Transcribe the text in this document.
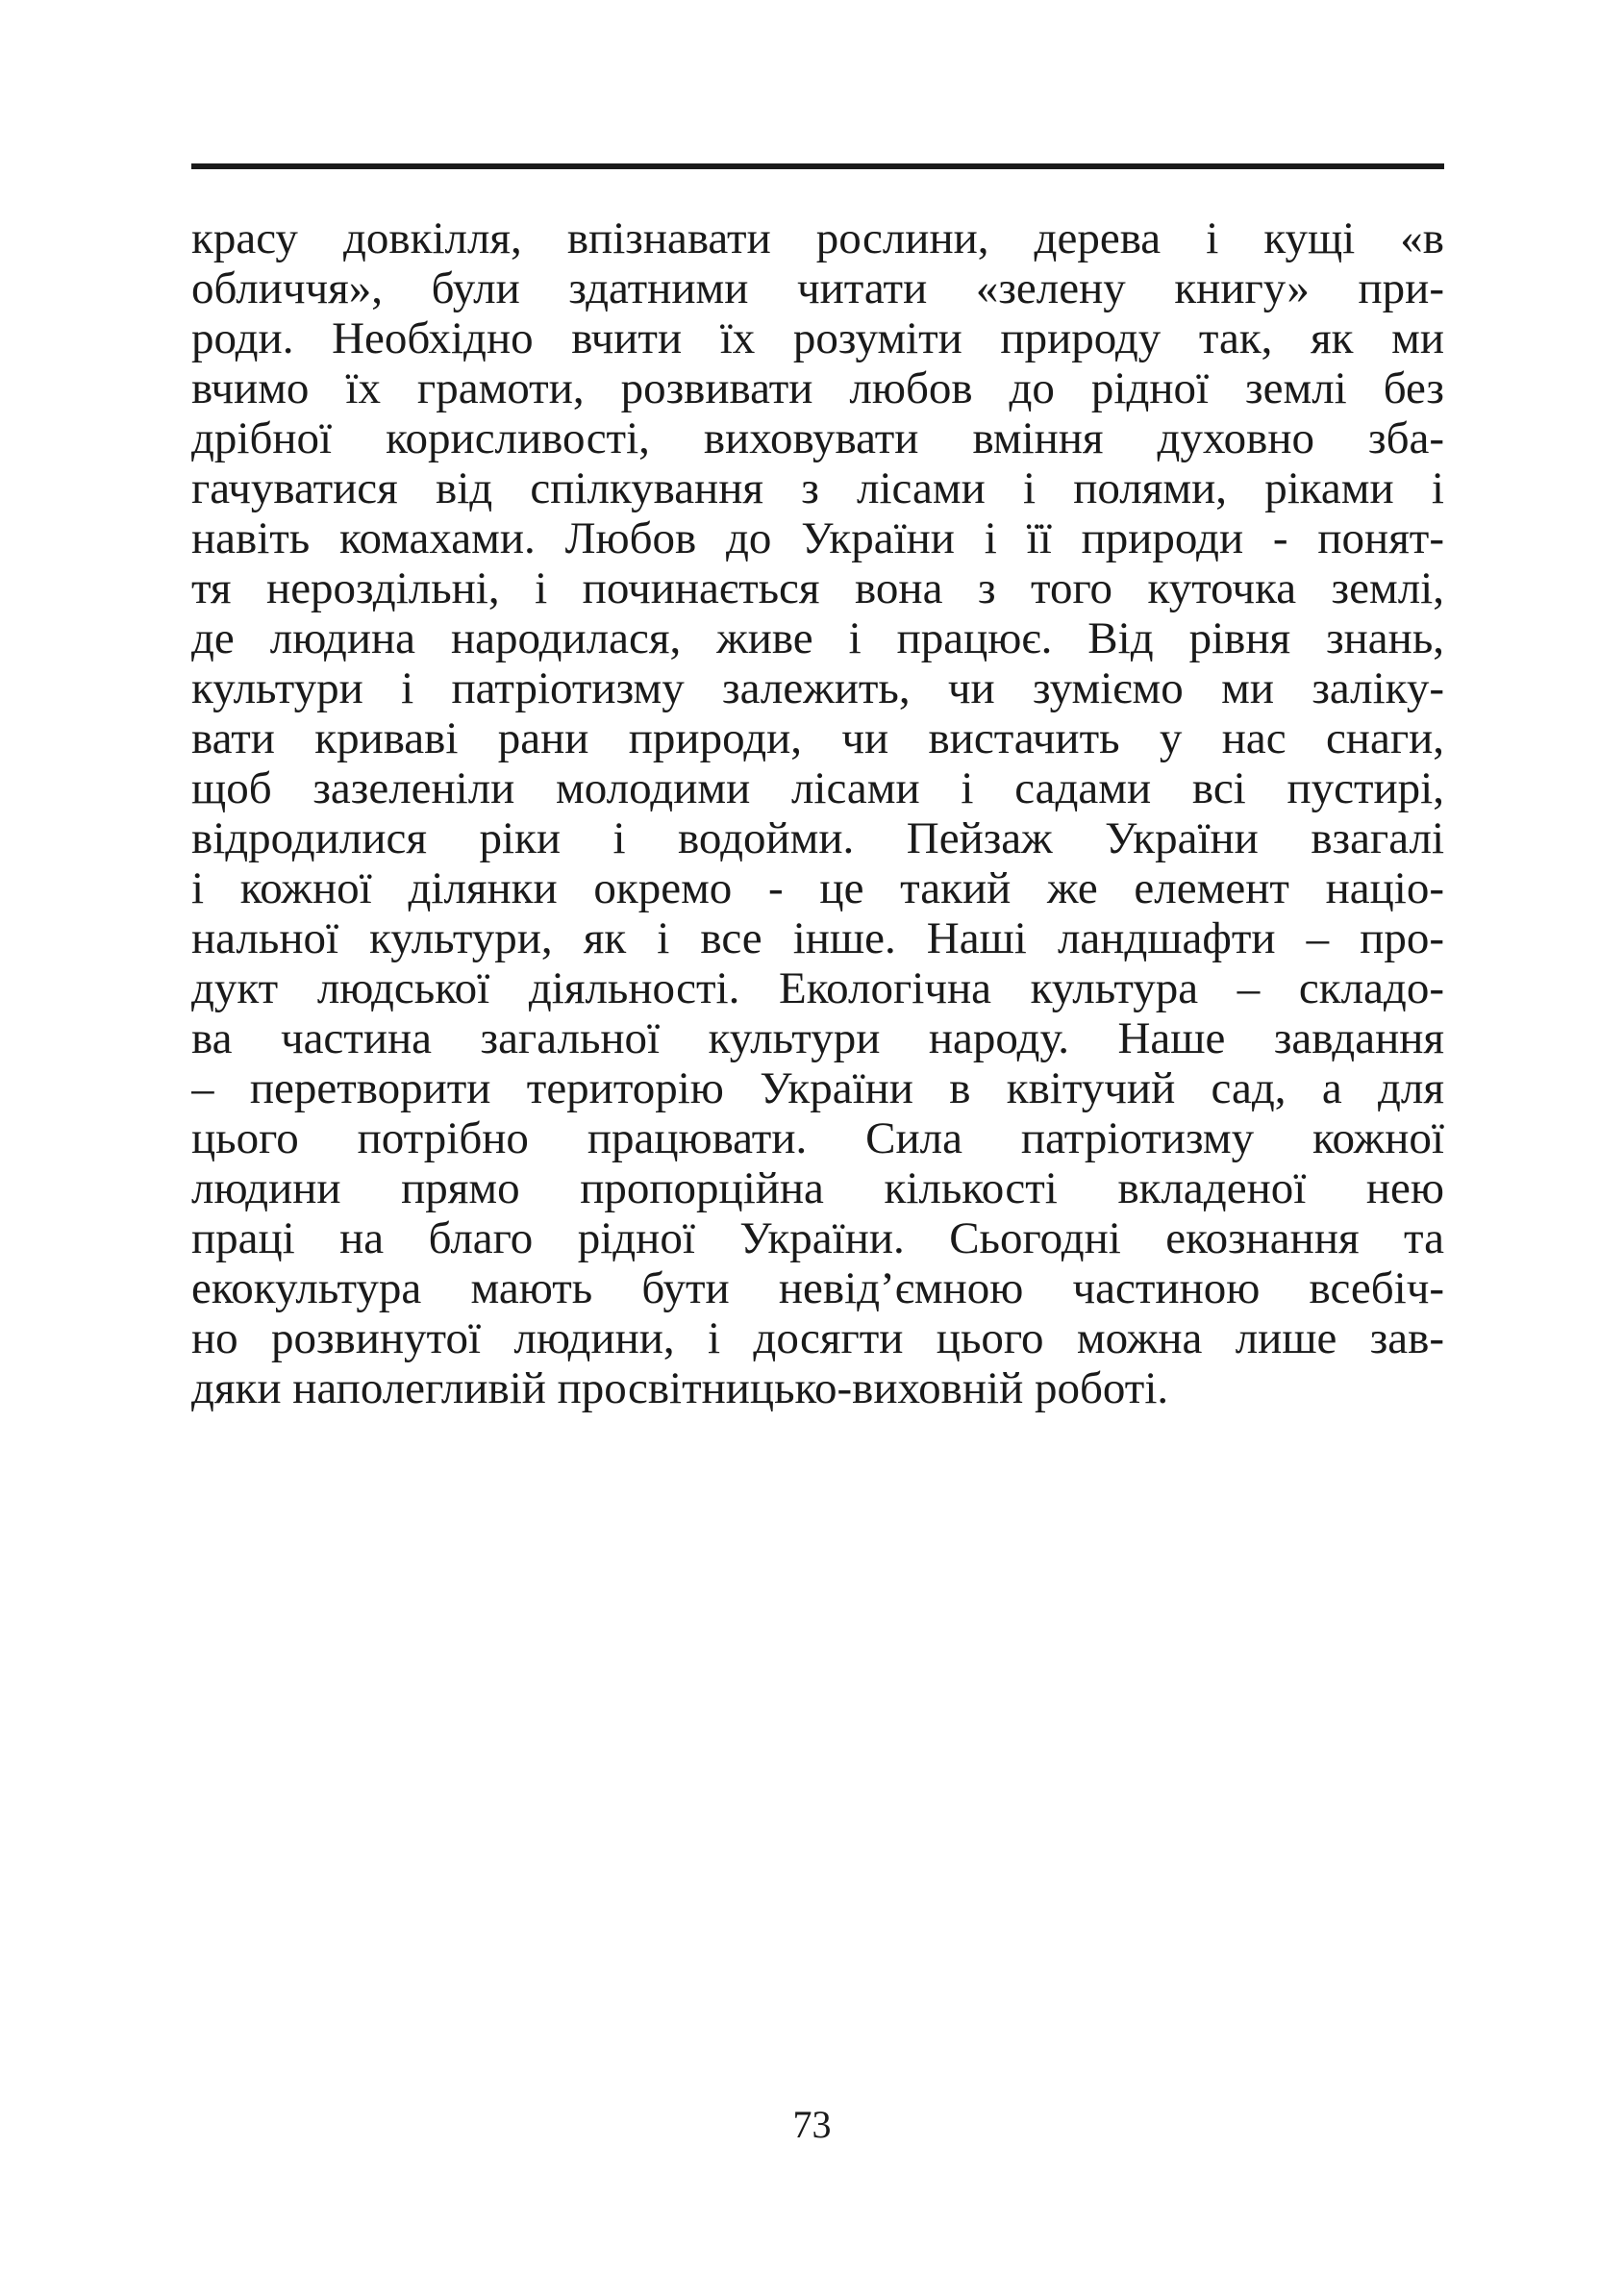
красу довкілля, впізнавати рослини, дерева і кущі «в
обличчя», були здатними читати «зелену книгу» при-
роди. Необхідно вчити їх розуміти природу так, як ми
вчимо їх грамоти, розвивати любов до рідної землі без
дрібної корисливості, виховувати вміння духовно зба-
гачуватися від спілкування з лісами і полями, ріками і
навіть комахами. Любов до України і її природи - понят-
тя нероздільні, і починається вона з того куточка землі,
де людина народилася, живе і працює. Від рівня знань,
культури і патріотизму залежить, чи зуміємо ми заліку-
вати криваві рани природи, чи вистачить у нас снаги,
щоб зазеленіли молодими лісами і садами всі пустирі,
відродилися ріки і водойми. Пейзаж України взагалі
і кожної ділянки окремо - це такий же елемент націо-
нальної культури, як і все інше. Наші ландшафти – про-
дукт людської діяльності. Екологічна культура – складо-
ва частина загальної культури народу. Наше завдання
– перетворити територію України в квітучий сад, а для
цього потрібно працювати. Сила патріотизму кожної
людини прямо пропорційна кількості вкладеної нею
праці на благо рідної України. Сьогодні екознання та
екокультура мають бути невід’ємною частиною всебіч-
но розвинутої людини, і досягти цього можна лише зав-
дяки наполегливій просвітницько-виховній роботі.
73
